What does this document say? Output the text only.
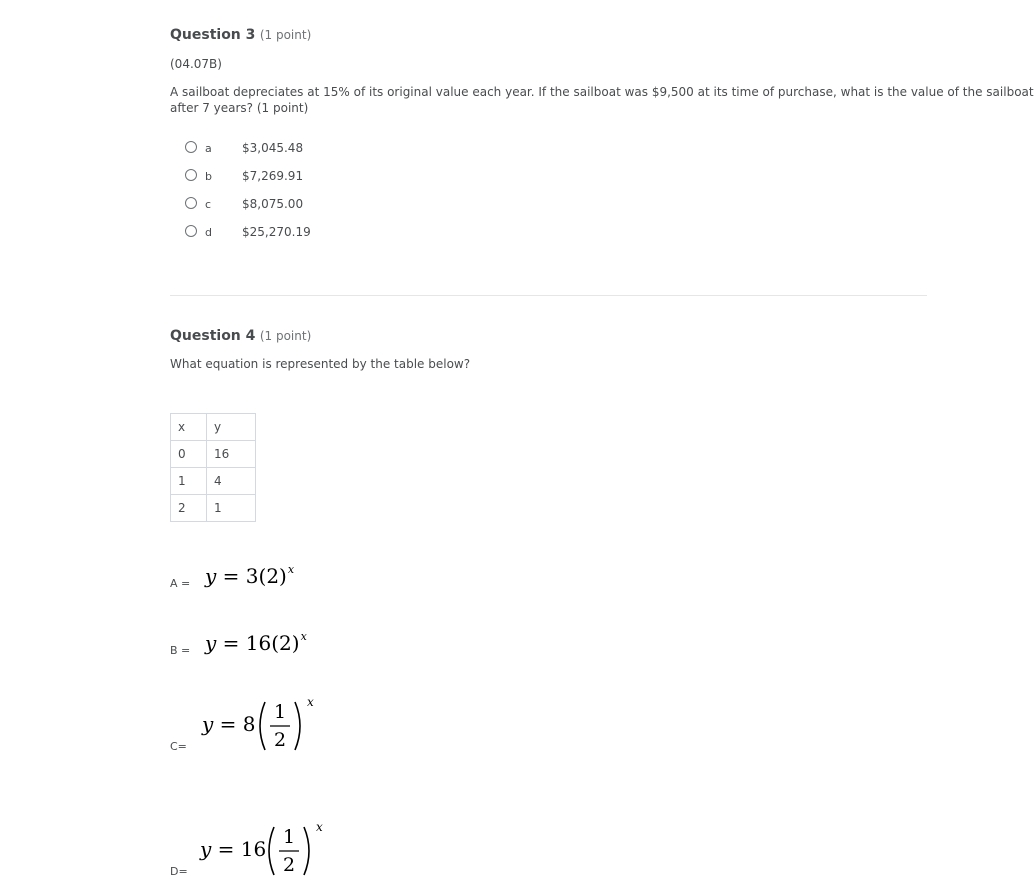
Question 3 (1 point)
(04.07B)
A sailboat depreciates at 15% of its original value each year. If the sailboat was $9,500 at its time of purchase, what is the value of the sailboat
after 7 years? (1 point)
a	$3,045.48
b	$7,269.91
c	$8,075.00
d	$25,270.19
Question 4 (1 point)
What equation is represented by the table below?
x	y
0	16
1	4
2	1
$A = y = 3(2)^x$
$B = y = 16(2)^x$
C=
y = 8 1
2
x
D=
y = 16 1
2
x
